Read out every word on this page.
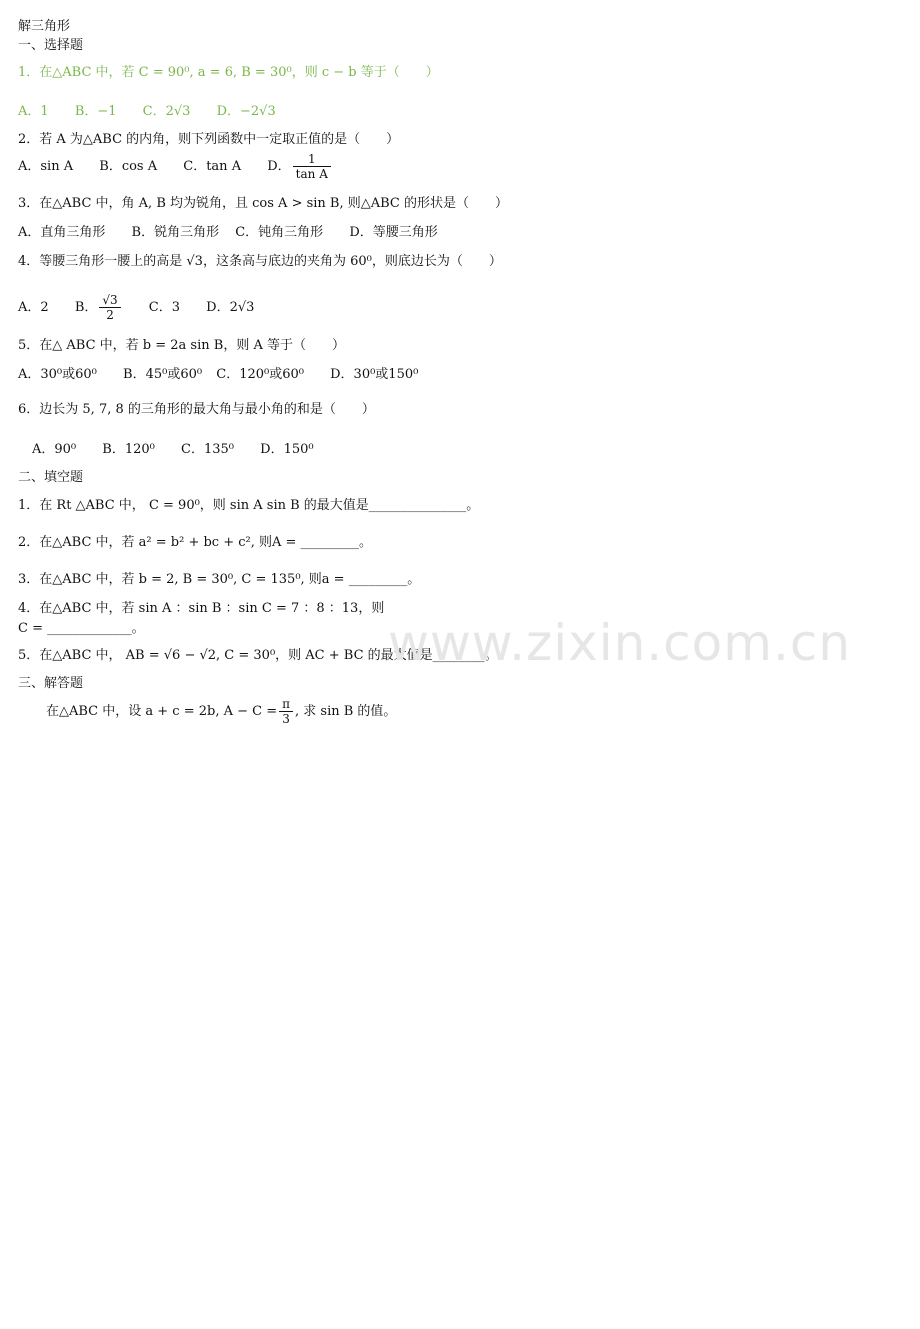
解三角形
一、选择题
1．在△ABC 中，若 C = 90⁰, a = 6, B = 30⁰，则 c − b 等于（　　）
A．1 B．−1 C．2√3 D．−2√3
2．若 A 为△ABC 的内角，则下列函数中一定取正值的是（　　）
A．sin A B．cos A C．tan A D． $\frac{1}{\text{tan A}}$
3．在△ABC 中，角 A, B 均为锐角，且 cos A > sin B, 则△ABC 的形状是（　　）
A．直角三角形 B．锐角三角形 C．钝角三角形 D．等腰三角形
4．等腰三角形一腰上的高是 √3，这条高与底边的夹角为 60⁰，则底边长为（　　）
A．2 B． $\frac{√3}{2}$ C．3 D．2√3
5．在△ ABC 中，若 b = 2a sin B，则 A 等于（　　）
A．30⁰或60⁰ B．45⁰或60⁰ C．120⁰或60⁰ D．30⁰或150⁰
6．边长为 5, 7, 8 的三角形的最大角与最小角的和是（　　）
A．90⁰ B．120⁰ C．135⁰ D．150⁰
二、填空题
1．在 Rt △ABC 中， C = 90⁰，则 sin A sin B 的最大值是_______________。
2．在△ABC 中，若 a² = b² + bc + c², 则A = _________。
3．在△ABC 中，若 b = 2, B = 30⁰, C = 135⁰, 则a = _________。
4．在△ABC 中，若 sin A ：sin B ：sin C = 7 ：8 ：13，则
C = _____________。
5．在△ABC 中， AB = √6 − √2, C = 30⁰，则 AC + BC 的最大值是________。
三、解答题
在△ABC 中，设 a + c = 2b, $A - C = \frac{\pi}{3}$ , 求 sin B 的值。
www.zixin.com.cn
